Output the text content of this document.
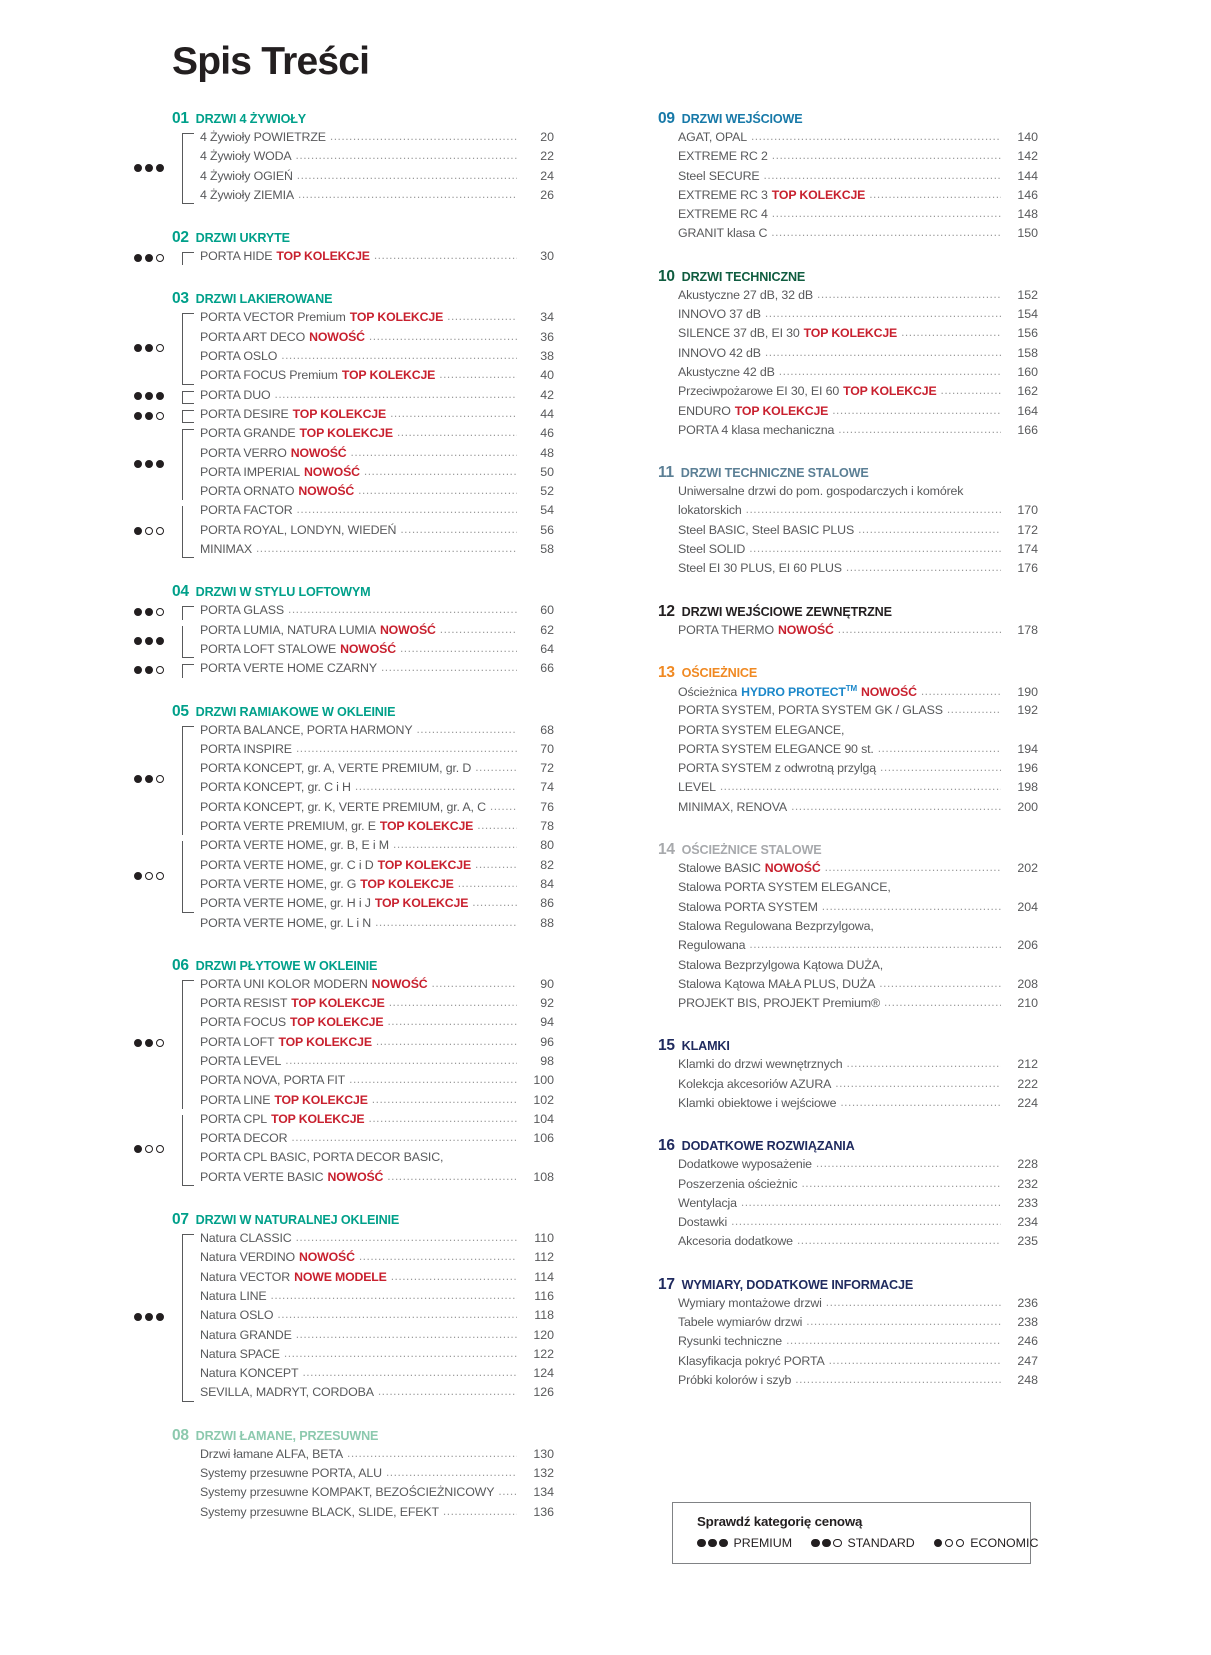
Spis Treści
01 DRZWI 4 ŻYWIOŁY
4 Żywioły POWIETRZE .....	20
4 Żywioły WODA .....	22
4 Żywioły OGIEŃ .....	24
4 Żywioły ZIEMIA .....	26
02 DRZWI UKRYTE
PORTA HIDE TOP KOLEKCJE .....	30
03 DRZWI LAKIEROWANE
PORTA VECTOR Premium TOP KOLEKCJE .....	34
PORTA ART DECO NOWOŚĆ .....	36
PORTA OSLO .....	38
PORTA FOCUS Premium TOP KOLEKCJE .....	40
PORTA DUO .....	42
PORTA DESIRE TOP KOLEKCJE .....	44
PORTA GRANDE TOP KOLEKCJE .....	46
PORTA VERRO NOWOŚĆ .....	48
PORTA IMPERIAL NOWOŚĆ .....	50
PORTA ORNATO NOWOŚĆ .....	52
PORTA FACTOR .....	54
PORTA ROYAL, LONDYN, WIEDEŃ .....	56
MINIMAX .....	58
04 DRZWI W STYLU LOFTOWYM
PORTA GLASS .....	60
PORTA LUMIA, NATURA LUMIA NOWOŚĆ .....	62
PORTA LOFT STALOWE NOWOŚĆ .....	64
PORTA VERTE HOME CZARNY .....	66
05 DRZWI RAMIAKOWE W OKLEINIE
PORTA BALANCE, PORTA HARMONY .....	68
PORTA INSPIRE .....	70
PORTA KONCEPT, gr. A, VERTE PREMIUM, gr. D .....	72
PORTA KONCEPT, gr. C i H .....	74
PORTA KONCEPT, gr. K, VERTE PREMIUM, gr. A, C .....	76
PORTA VERTE PREMIUM, gr. E TOP KOLEKCJE .....	78
PORTA VERTE HOME, gr. B, E i M .....	80
PORTA VERTE HOME, gr. C i D TOP KOLEKCJE .....	82
PORTA VERTE HOME, gr. G TOP KOLEKCJE .....	84
PORTA VERTE HOME, gr. H i J TOP KOLEKCJE .....	86
PORTA VERTE HOME, gr. L i N .....	88
06 DRZWI PŁYTOWE W OKLEINIE
PORTA UNI KOLOR MODERN NOWOŚĆ .....	90
PORTA RESIST TOP KOLEKCJE .....	92
PORTA FOCUS TOP KOLEKCJE .....	94
PORTA LOFT TOP KOLEKCJE .....	96
PORTA LEVEL .....	98
PORTA NOVA, PORTA FIT .....	100
PORTA LINE TOP KOLEKCJE .....	102
PORTA CPL TOP KOLEKCJE .....	104
PORTA DECOR .....	106
PORTA CPL BASIC, PORTA DECOR BASIC,
PORTA VERTE BASIC NOWOŚĆ .....	108
07 DRZWI W NATURALNEJ OKLEINIE
Natura CLASSIC .....	110
Natura VERDINO NOWOŚĆ .....	112
Natura VECTOR NOWE MODELE .....	114
Natura LINE .....	116
Natura OSLO .....	118
Natura GRANDE .....	120
Natura SPACE .....	122
Natura KONCEPT .....	124
SEVILLA, MADRYT, CORDOBA .....	126
08 DRZWI ŁAMANE, PRZESUWNE
Drzwi łamane ALFA, BETA .....	130
Systemy przesuwne PORTA, ALU .....	132
Systemy przesuwne KOMPAKT, BEZOŚCIEŻNICOWY .....	134
Systemy przesuwne BLACK, SLIDE, EFEKT .....	136
09 DRZWI WEJŚCIOWE
AGAT, OPAL .....	140
EXTREME RC 2 .....	142
Steel SECURE .....	144
EXTREME RC 3 TOP KOLEKCJE .....	146
EXTREME RC 4 .....	148
GRANIT klasa C .....	150
10 DRZWI TECHNICZNE
Akustyczne 27 dB, 32 dB .....	152
INNOVO 37 dB .....	154
SILENCE 37 dB, EI 30 TOP KOLEKCJE .....	156
INNOVO 42 dB .....	158
Akustyczne 42 dB .....	160
Przeciwpożarowe EI 30, EI 60 TOP KOLEKCJE .....	162
ENDURO TOP KOLEKCJE .....	164
PORTA 4 klasa mechaniczna .....	166
11 DRZWI TECHNICZNE STALOWE
Uniwersalne drzwi do pom. gospodarczych i komórek
lokatorskich .....	170
Steel BASIC, Steel BASIC PLUS .....	172
Steel SOLID .....	174
Steel EI 30 PLUS, EI 60 PLUS .....	176
12 DRZWI WEJŚCIOWE ZEWNĘTRZNE
PORTA THERMO NOWOŚĆ .....	178
13 OŚCIEŻNICE
Ościeżnica HYDRO PROTECT™ NOWOŚĆ .....	190
PORTA SYSTEM, PORTA SYSTEM GK / GLASS .....	192
PORTA SYSTEM ELEGANCE,
PORTA SYSTEM ELEGANCE 90 st. .....	194
PORTA SYSTEM z odwrotną przylgą .....	196
LEVEL .....	198
MINIMAX, RENOVA .....	200
14 OŚCIEŻNICE STALOWE
Stalowe BASIC NOWOŚĆ .....	202
Stalowa PORTA SYSTEM ELEGANCE,
Stalowa PORTA SYSTEM .....	204
Stalowa Regulowana Bezprzylgowa,
Regulowana .....	206
Stalowa Bezprzylgowa Kątowa DUŻA,
Stalowa Kątowa MAŁA PLUS, DUŻA .....	208
PROJEKT BIS, PROJEKT Premium® .....	210
15 KLAMKI
Klamki do drzwi wewnętrznych .....	212
Kolekcja akcesoriów AZURA .....	222
Klamki obiektowe i wejściowe .....	224
16 DODATKOWE ROZWIĄZANIA
Dodatkowe wyposażenie .....	228
Poszerzenia ościeżnic .....	232
Wentylacja .....	233
Dostawki .....	234
Akcesoria dodatkowe .....	235
17 WYMIARY, DODATKOWE INFORMACJE
Wymiary montażowe drzwi .....	236
Tabele wymiarów drzwi .....	238
Rysunki techniczne .....	246
Klasyfikacja pokryć PORTA .....	247
Próbki kolorów i szyb .....	248
Sprawdź kategorię cenową
PREMIUM	STANDARD	ECONOMIC
